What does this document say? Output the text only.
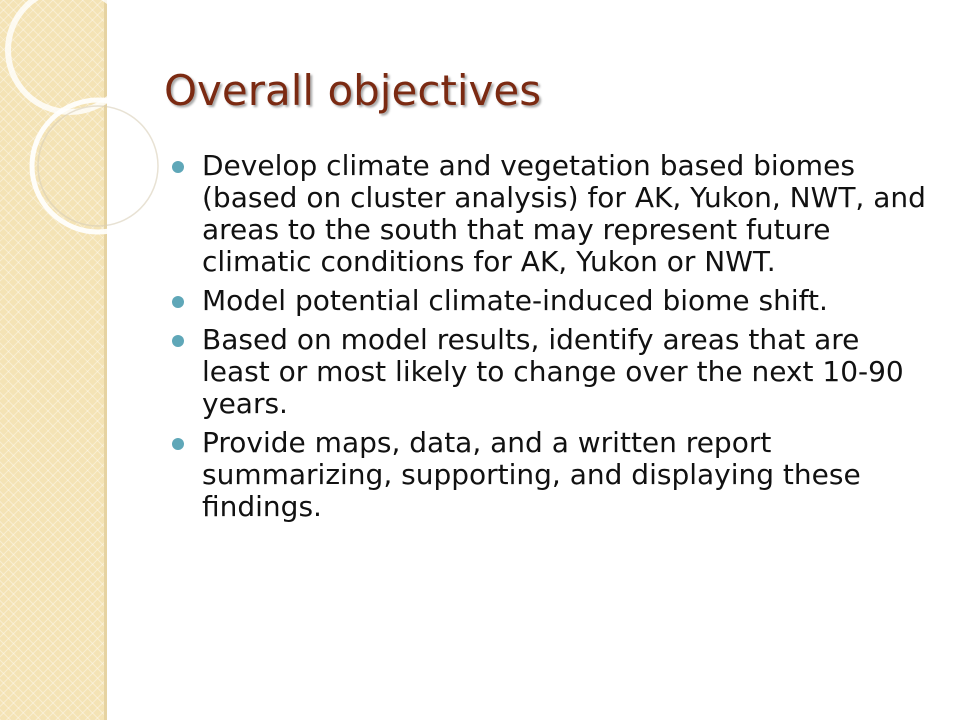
Overall objectives
Develop climate and vegetation based biomes (based on cluster analysis) for AK, Yukon, NWT, and areas to the south that may represent future climatic conditions for AK, Yukon or NWT.
Model potential climate-induced biome shift.
Based on model results, identify areas that are least or most likely to change over the next 10-90 years.
Provide maps, data, and a written report summarizing, supporting, and displaying these findings.
